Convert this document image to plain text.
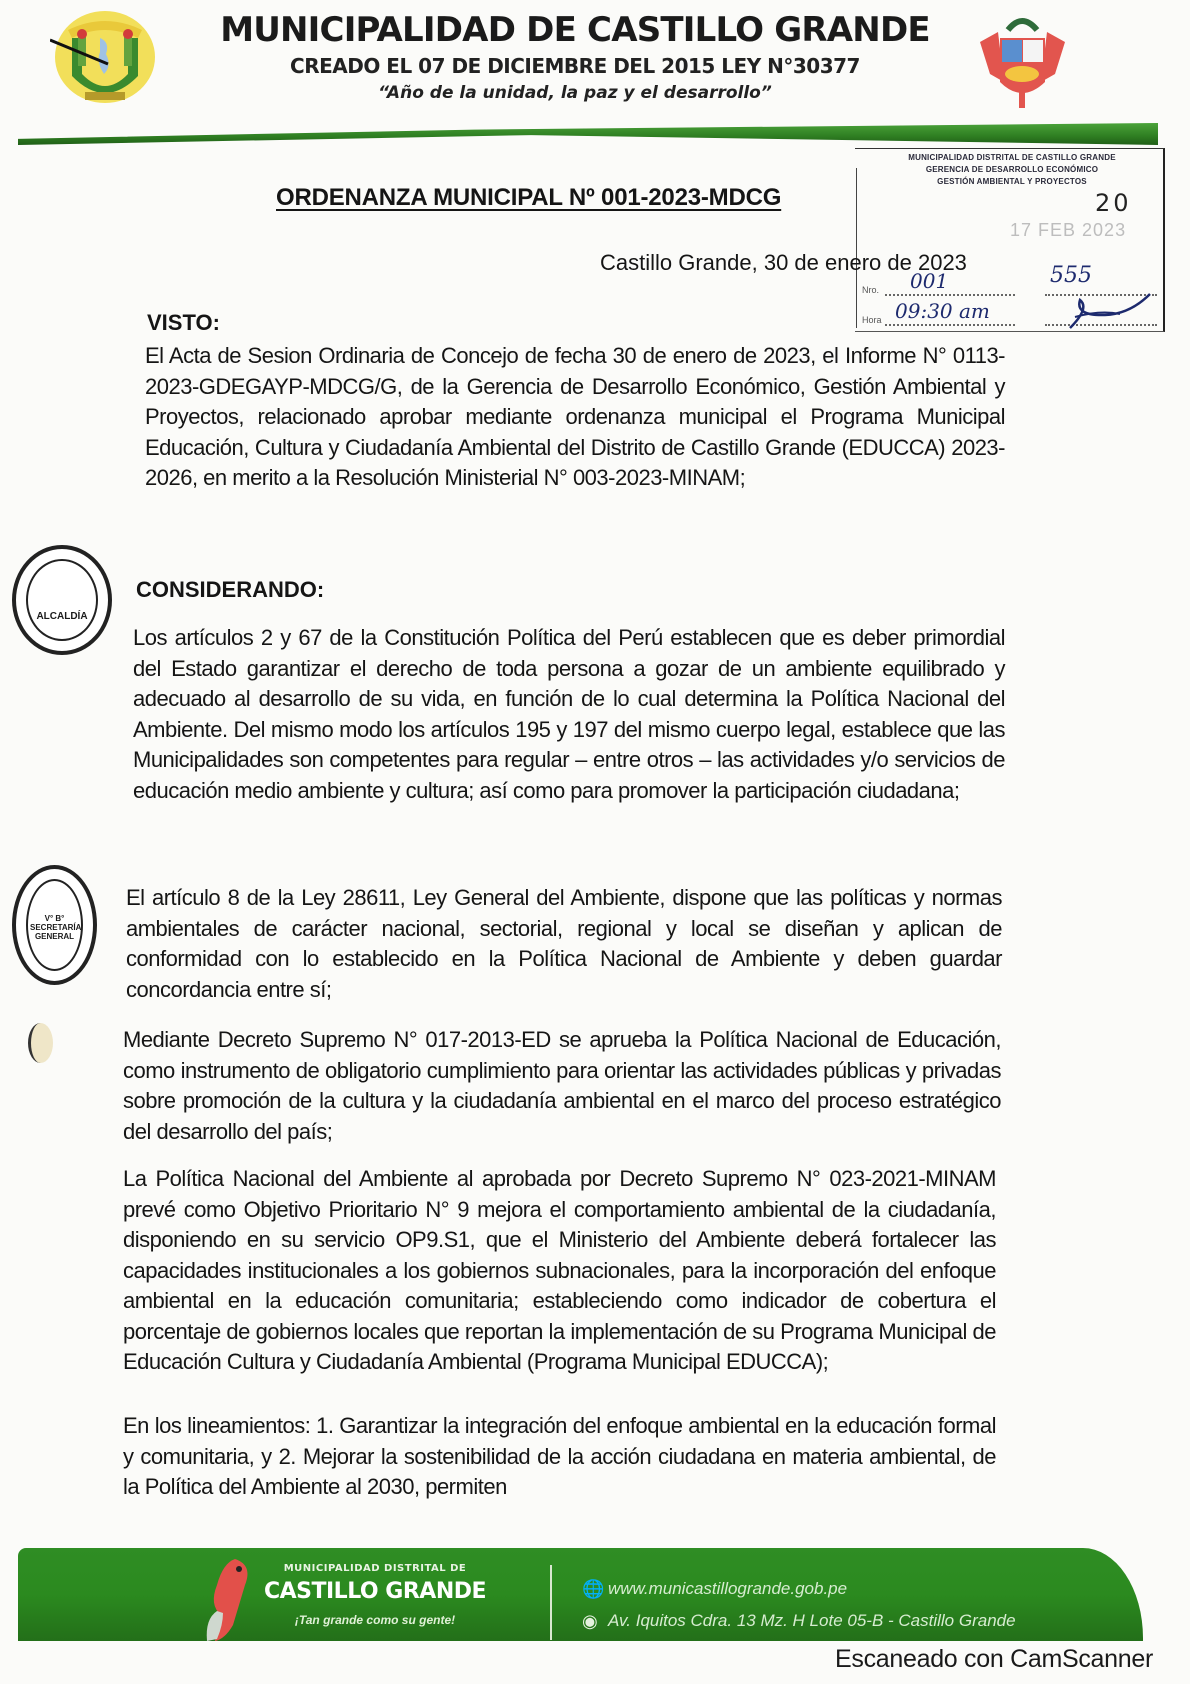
MUNICIPALIDAD DE CASTILLO GRANDE
CREADO EL 07 DE DICIEMBRE DEL 2015 LEY N°30377
“Año de la unidad, la paz y el desarrollo”
MUNICIPALIDAD DISTRITAL DE CASTILLO GRANDE
GERENCIA DE DESARROLLO ECONÓMICO
GESTIÓN AMBIENTAL Y PROYECTOS
20
17 FEB 2023
Nro. 001
Hora 09:30 am
555
ORDENANZA MUNICIPAL Nº 001-2023-MDCG
Castillo Grande, 30 de enero de 2023
VISTO:
El Acta de Sesion Ordinaria de Concejo de fecha 30 de enero de 2023, el Informe N° 0113-2023-GDEGAYP-MDCG/G, de la Gerencia de Desarrollo Económico, Gestión Ambiental y Proyectos, relacionado aprobar mediante ordenanza municipal el Programa Municipal Educación, Cultura y Ciudadanía Ambiental del Distrito de Castillo Grande (EDUCCA) 2023-2026, en merito a la Resolución Ministerial N° 003-2023-MINAM;
CONSIDERANDO:
Los artículos 2 y 67 de la Constitución Política del Perú establecen que es deber primordial del Estado garantizar el derecho de toda persona a gozar de un ambiente equilibrado y adecuado al desarrollo de su vida, en función de lo cual determina la Política Nacional del Ambiente. Del mismo modo los artículos 195 y 197 del mismo cuerpo legal, establece que las Municipalidades son competentes para regular – entre otros – las actividades y/o servicios de educación medio ambiente y cultura; así como para promover la participación ciudadana;
El artículo 8 de la Ley 28611, Ley General del Ambiente, dispone que las políticas y normas ambientales de carácter nacional, sectorial, regional y local se diseñan y aplican de conformidad con lo establecido en la Política Nacional de Ambiente y deben guardar concordancia entre sí;
Mediante Decreto Supremo N° 017-2013-ED se aprueba la Política Nacional de Educación, como instrumento de obligatorio cumplimiento para orientar las actividades públicas y privadas sobre promoción de la cultura y la ciudadanía ambiental en el marco del proceso estratégico del desarrollo del país;
La Política Nacional del Ambiente al aprobada por Decreto Supremo N° 023-2021-MINAM prevé como Objetivo Prioritario N° 9 mejora el comportamiento ambiental de la ciudadanía, disponiendo en su servicio OP9.S1, que el Ministerio del Ambiente deberá fortalecer las capacidades institucionales a los gobiernos subnacionales, para la incorporación del enfoque ambiental en la educación comunitaria; estableciendo como indicador de cobertura el porcentaje de gobiernos locales que reportan la implementación de su Programa Municipal de Educación Cultura y Ciudadanía Ambiental (Programa Municipal EDUCCA);
En los lineamientos: 1. Garantizar la integración del enfoque ambiental en la educación formal y comunitaria, y 2. Mejorar la sostenibilidad de la acción ciudadana en materia ambiental, de la Política del Ambiente al 2030, permiten
ALCALDÍA
V° B° SECRETARÍA GENERAL
MUNICIPALIDAD DISTRITAL DE
CASTILLO GRANDE
¡Tan grande como su gente!
🌐 www.municastillogrande.gob.pe
◉ Av. Iquitos Cdra. 13 Mz. H Lote 05-B - Castillo Grande
Escaneado con CamScanner
